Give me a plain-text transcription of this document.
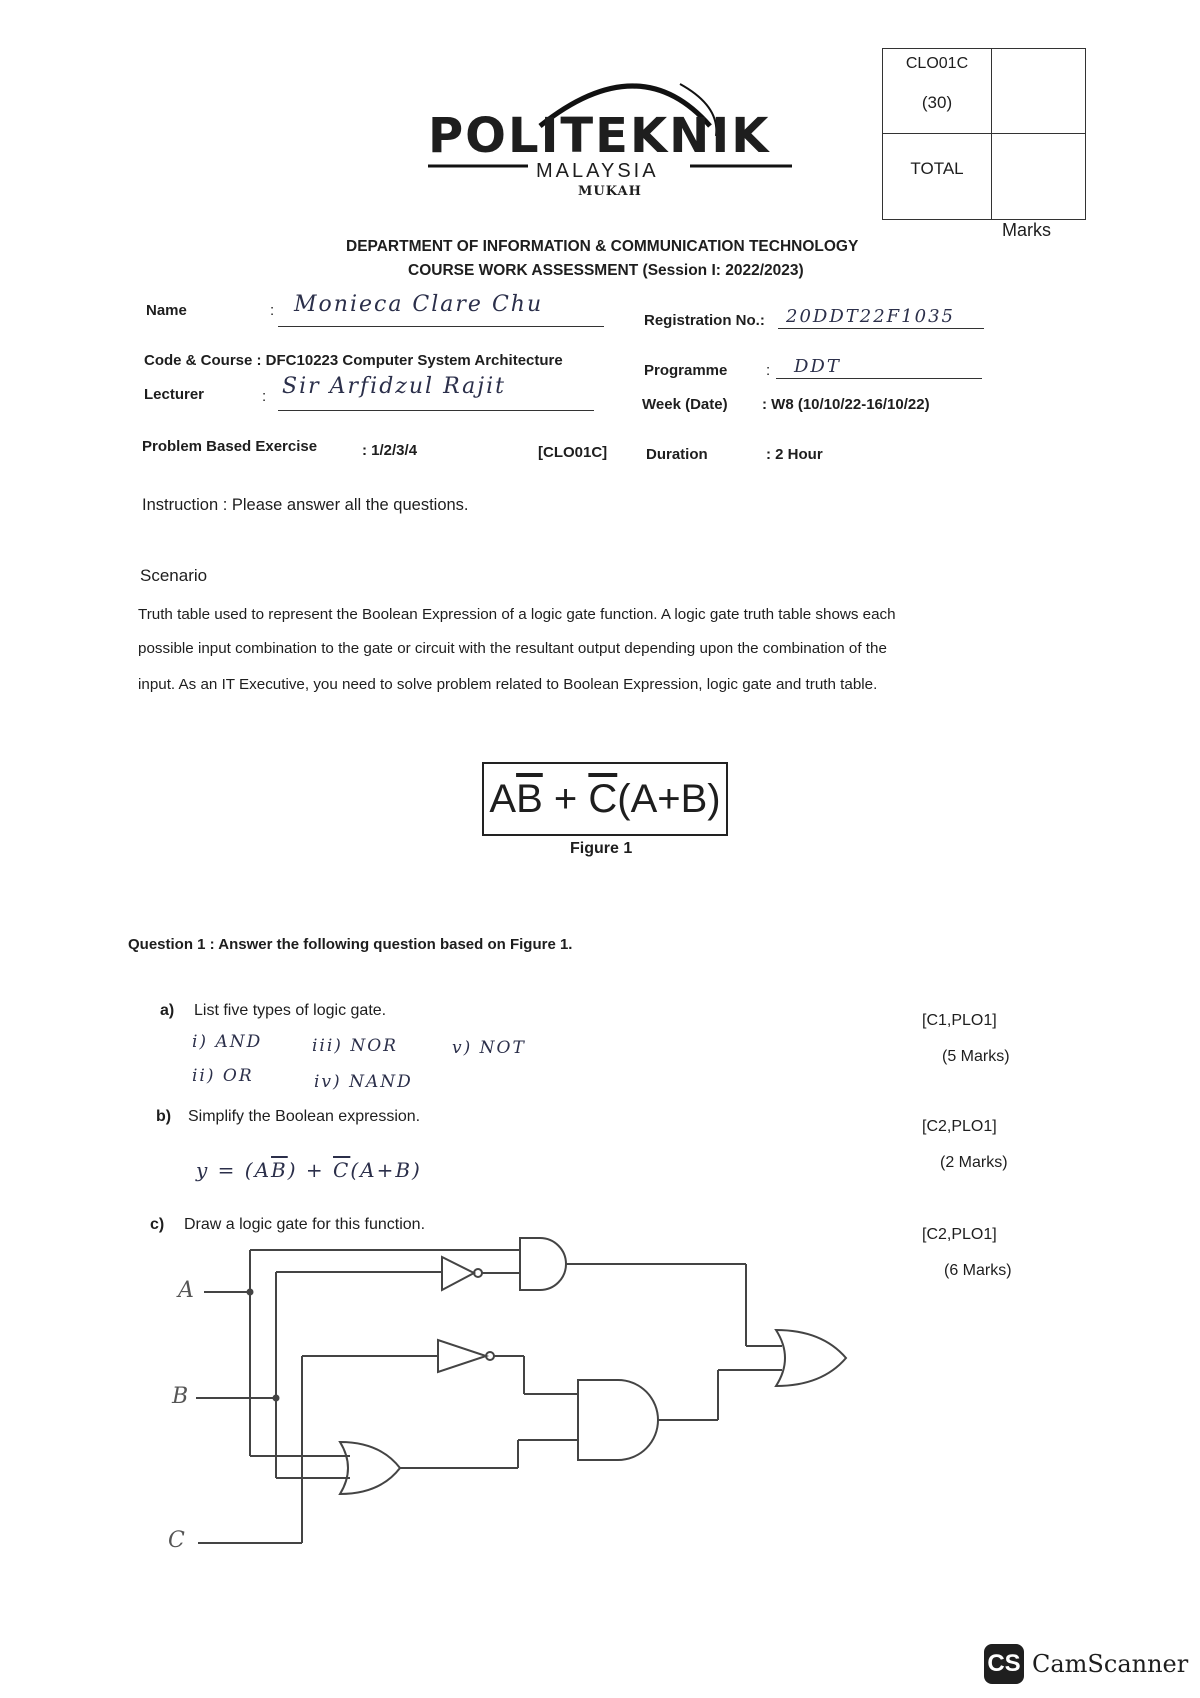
CLO01C
(30)
TOTAL
Marks
POLITEKNIK
MALAYSIA
MUKAH
DEPARTMENT OF INFORMATION & COMMUNICATION TECHNOLOGY
COURSE WORK ASSESSMENT (Session I: 2022/2023)
Name	: Monieca Clare Chu
Registration No.: 20DDT22F1035
Code & Course : DFC10223 Computer System Architecture
Programme	: DDT
Lecturer	: Sir Arfidzul Rajit
Week (Date) : W8 (10/10/22-16/10/22)
Problem Based Exercise	: 1/2/3/4	[CLO01C]	Duration	: 2 Hour
Instruction : Please answer all the questions.
Scenario
Truth table used to represent the Boolean Expression of a logic gate function. A logic gate truth table shows each
possible input combination to the gate or circuit with the resultant output depending upon the combination of the
input. As an IT Executive, you need to solve problem related to Boolean Expression, logic gate and truth table.
$A\overline{B} + \overline{C}(A+B)$
Figure 1
Question 1 : Answer the following question based on Figure 1.
a) List five types of logic gate.
[C1,PLO1]
(5 Marks)
i) AND
ii) OR
iii) NOR
iv) NAND
v) NOT
b) Simplify the Boolean expression.
[C2,PLO1]
(2 Marks)
$y = (A\overline{B}) + \overline{C}(A+B)$
c) Draw a logic gate for this function.
[C2,PLO1]
(6 Marks)
A
B
C
CS CamScanner
